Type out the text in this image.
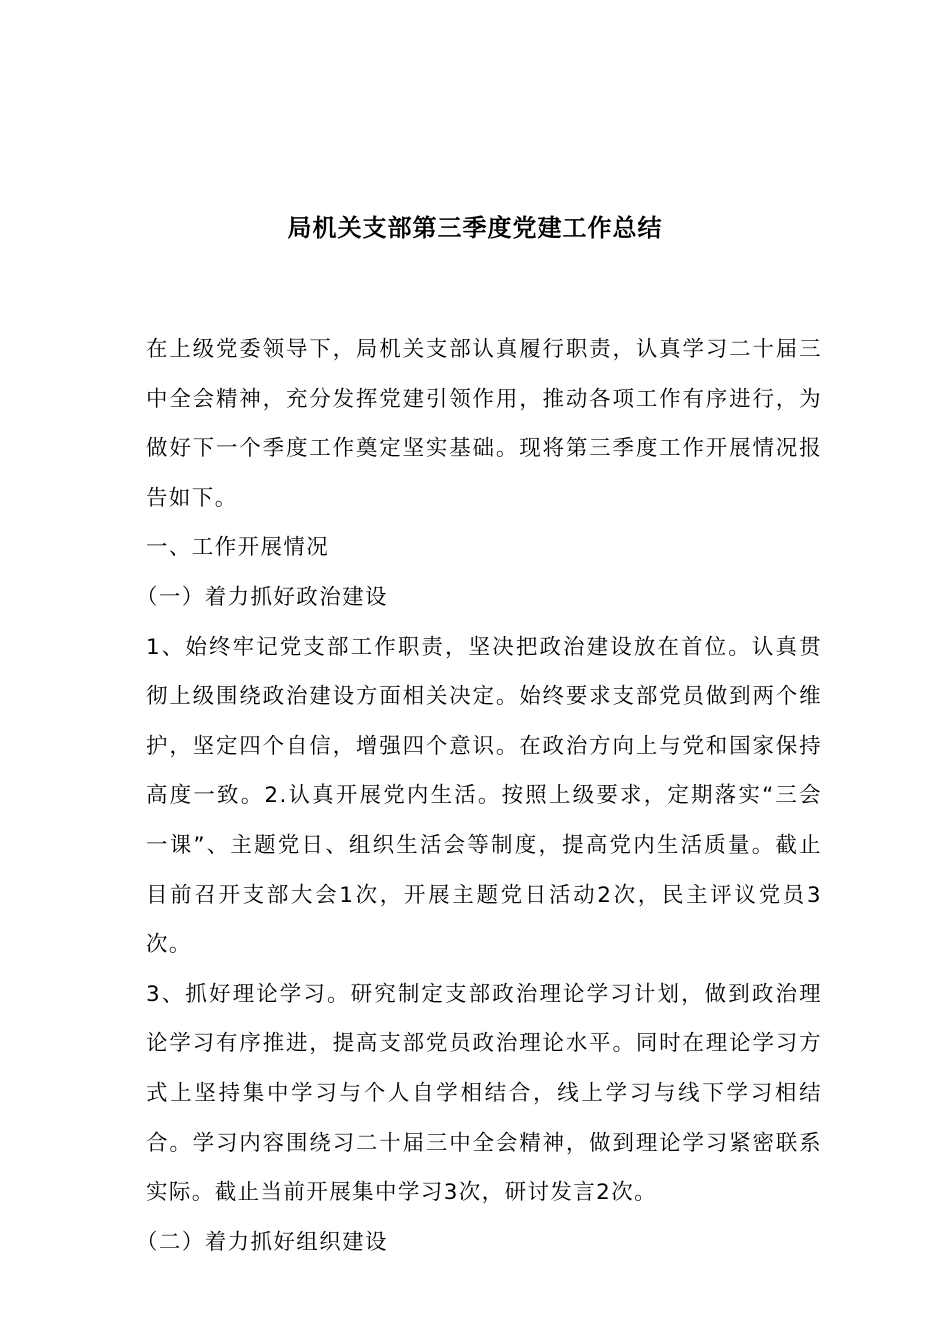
局机关支部第三季度党建工作总结

在上级党委领导下，局机关支部认真履行职责，认真学习二十届三中全会精神，充分发挥党建引领作用，推动各项工作有序进行，为做好下一个季度工作奠定坚实基础。现将第三季度工作开展情况报告如下。

一、工作开展情况

（一）着力抓好政治建设

1、始终牢记党支部工作职责，坚决把政治建设放在首位。认真贯彻上级围绕政治建设方面相关决定。始终要求支部党员做到两个维护，坚定四个自信，增强四个意识。在政治方向上与党和国家保持高度一致。2.认真开展党内生活。按照上级要求，定期落实“三会一课”、主题党日、组织生活会等制度，提高党内生活质量。截止目前召开支部大会1次，开展主题党日活动2次，民主评议党员3次。

3、抓好理论学习。研究制定支部政治理论学习计划，做到政治理论学习有序推进，提高支部党员政治理论水平。同时在理论学习方式上坚持集中学习与个人自学相结合，线上学习与线下学习相结合。学习内容围绕习二十届三中全会精神，做到理论学习紧密联系实际。截止当前开展集中学习3次，研讨发言2次。

（二）着力抓好组织建设
